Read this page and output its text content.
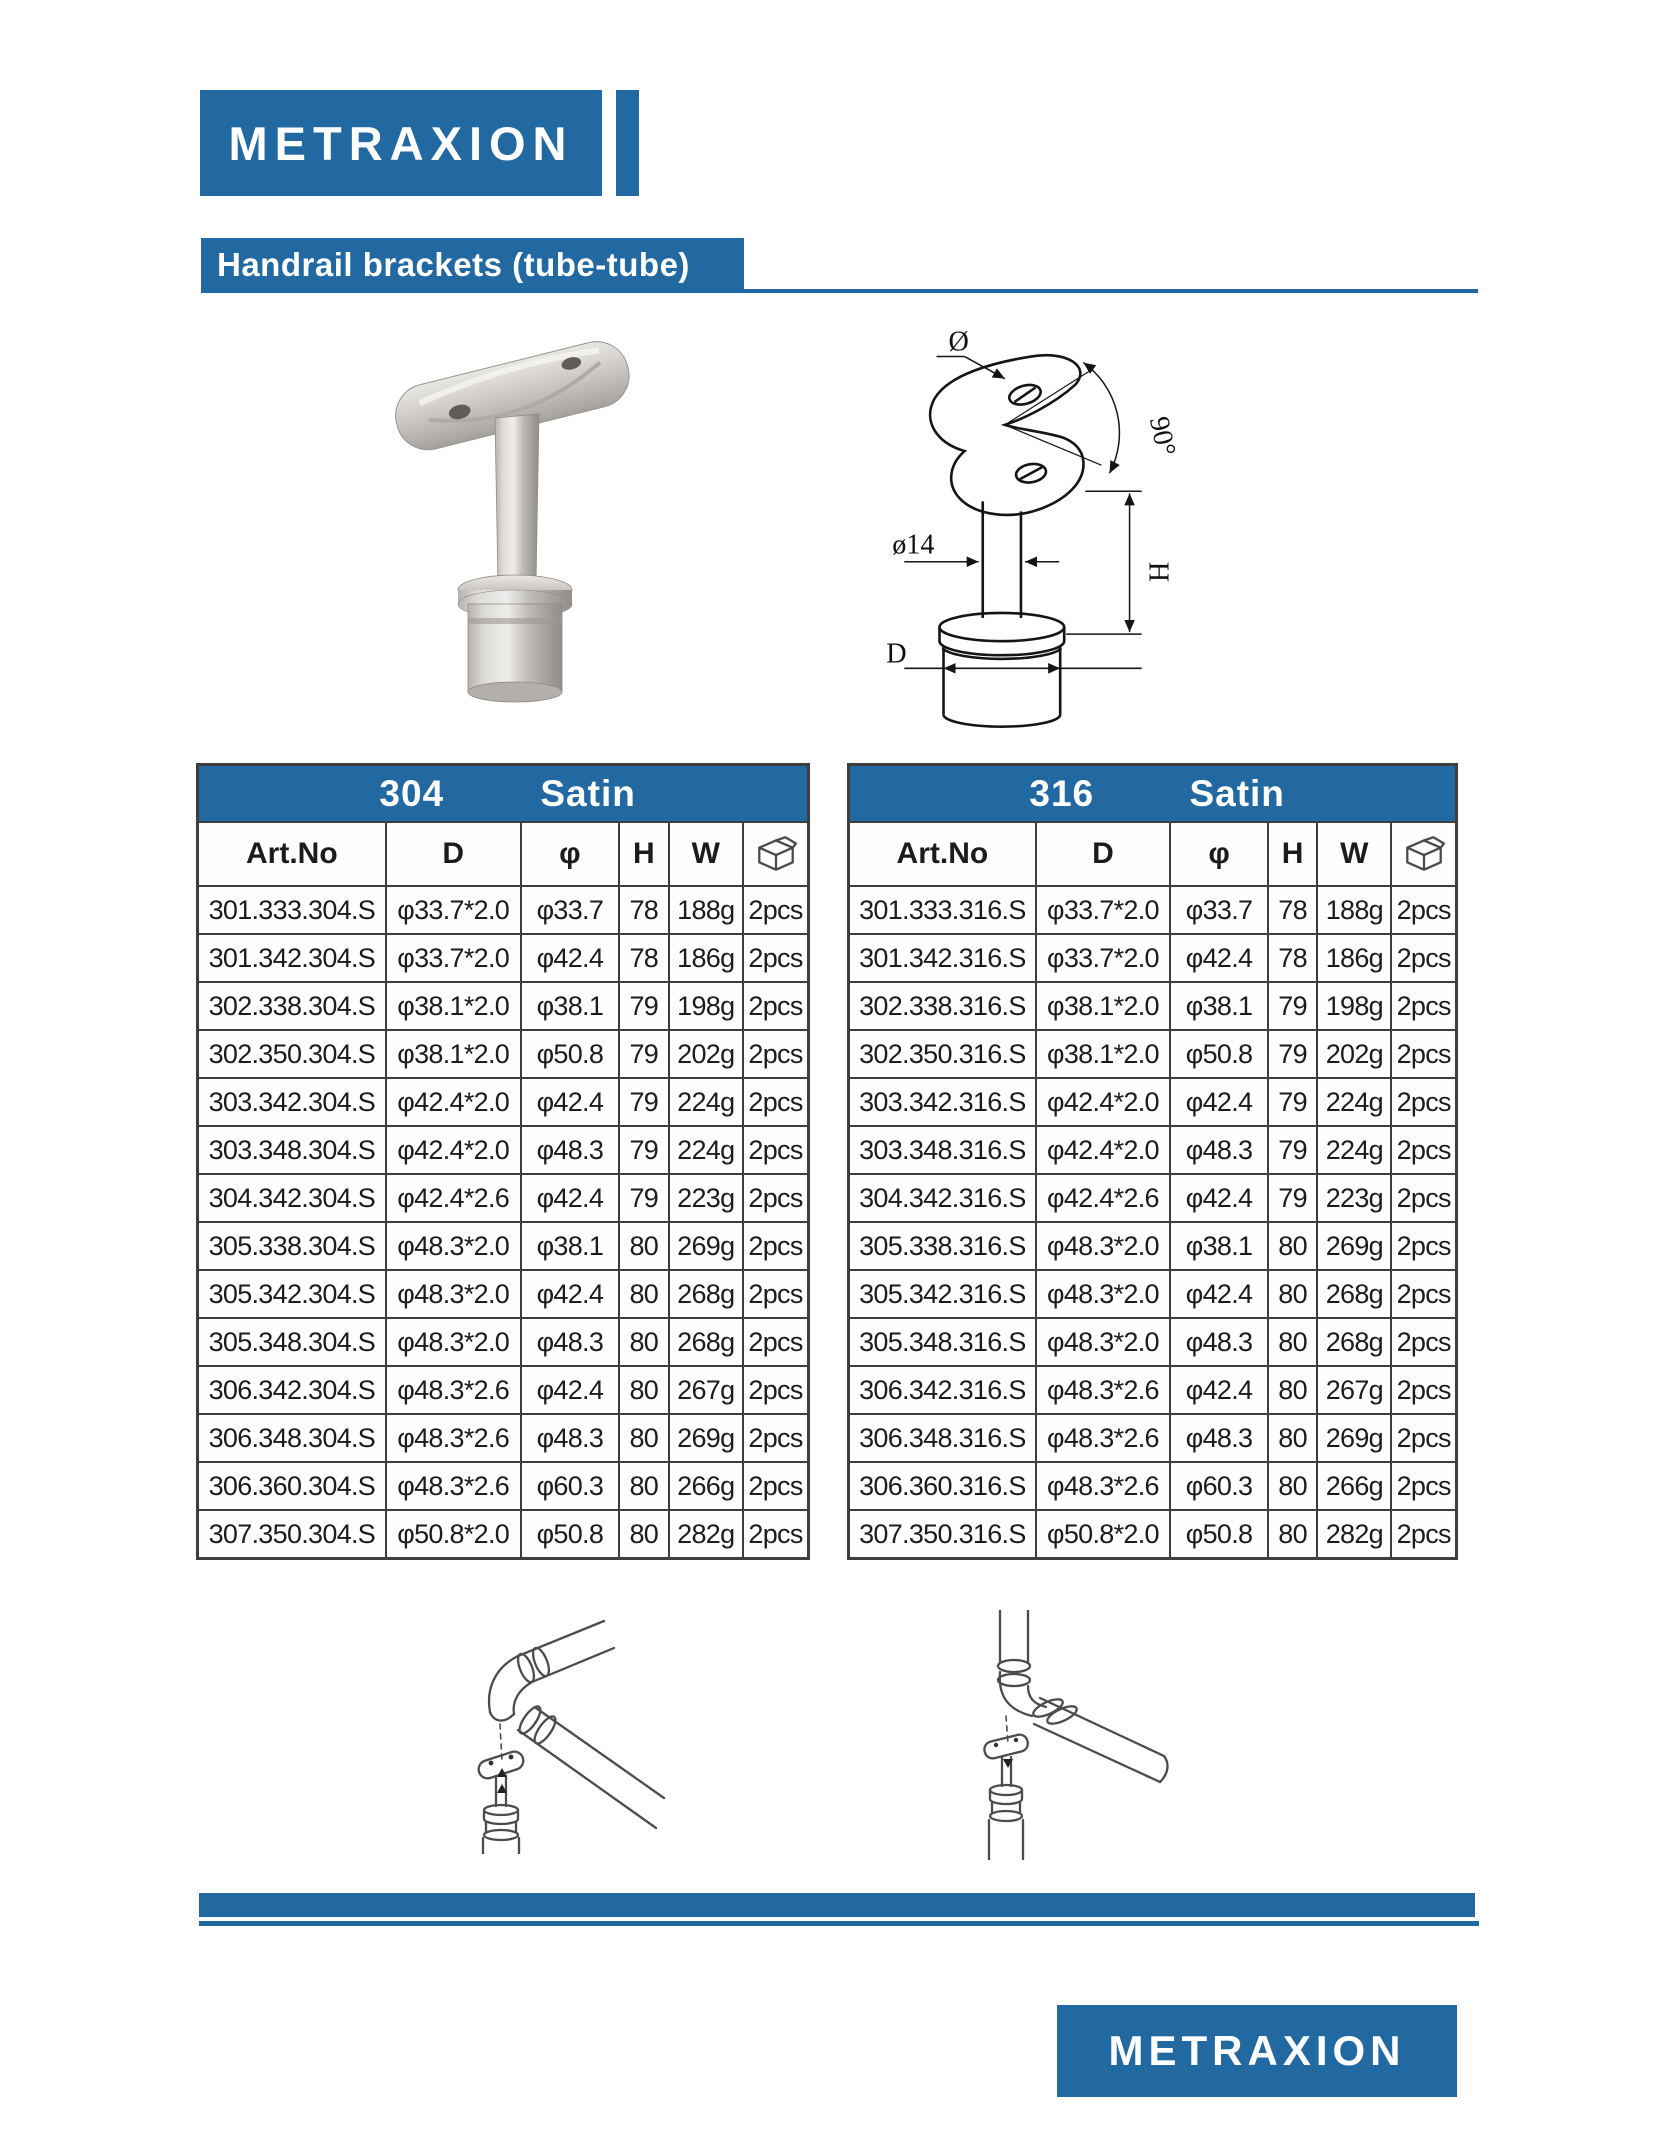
METRAXION
Handrail brackets (tube-tube)
Ø
90°
ø14
H
D
304 Satin					

Art.No	D	φ	H	W	
301.333.304.S	φ33.7*2.0	φ33.7	78	188g	2pcs
301.342.304.S	φ33.7*2.0	φ42.4	78	186g	2pcs
302.338.304.S	φ38.1*2.0	φ38.1	79	198g	2pcs
302.350.304.S	φ38.1*2.0	φ50.8	79	202g	2pcs
303.342.304.S	φ42.4*2.0	φ42.4	79	224g	2pcs
303.348.304.S	φ42.4*2.0	φ48.3	79	224g	2pcs
304.342.304.S	φ42.4*2.6	φ42.4	79	223g	2pcs
305.338.304.S	φ48.3*2.0	φ38.1	80	269g	2pcs
305.342.304.S	φ48.3*2.0	φ42.4	80	268g	2pcs
305.348.304.S	φ48.3*2.0	φ48.3	80	268g	2pcs
306.342.304.S	φ48.3*2.6	φ42.4	80	267g	2pcs
306.348.304.S	φ48.3*2.6	φ48.3	80	269g	2pcs
306.360.304.S	φ48.3*2.6	φ60.3	80	266g	2pcs
307.350.304.S	φ50.8*2.0	φ50.8	80	282g	2pcs
316 Satin					

Art.No	D	φ	H	W	
301.333.316.S	φ33.7*2.0	φ33.7	78	188g	2pcs
301.342.316.S	φ33.7*2.0	φ42.4	78	186g	2pcs
302.338.316.S	φ38.1*2.0	φ38.1	79	198g	2pcs
302.350.316.S	φ38.1*2.0	φ50.8	79	202g	2pcs
303.342.316.S	φ42.4*2.0	φ42.4	79	224g	2pcs
303.348.316.S	φ42.4*2.0	φ48.3	79	224g	2pcs
304.342.316.S	φ42.4*2.6	φ42.4	79	223g	2pcs
305.338.316.S	φ48.3*2.0	φ38.1	80	269g	2pcs
305.342.316.S	φ48.3*2.0	φ42.4	80	268g	2pcs
305.348.316.S	φ48.3*2.0	φ48.3	80	268g	2pcs
306.342.316.S	φ48.3*2.6	φ42.4	80	267g	2pcs
306.348.316.S	φ48.3*2.6	φ48.3	80	269g	2pcs
306.360.316.S	φ48.3*2.6	φ60.3	80	266g	2pcs
307.350.316.S	φ50.8*2.0	φ50.8	80	282g	2pcs
METRAXION
